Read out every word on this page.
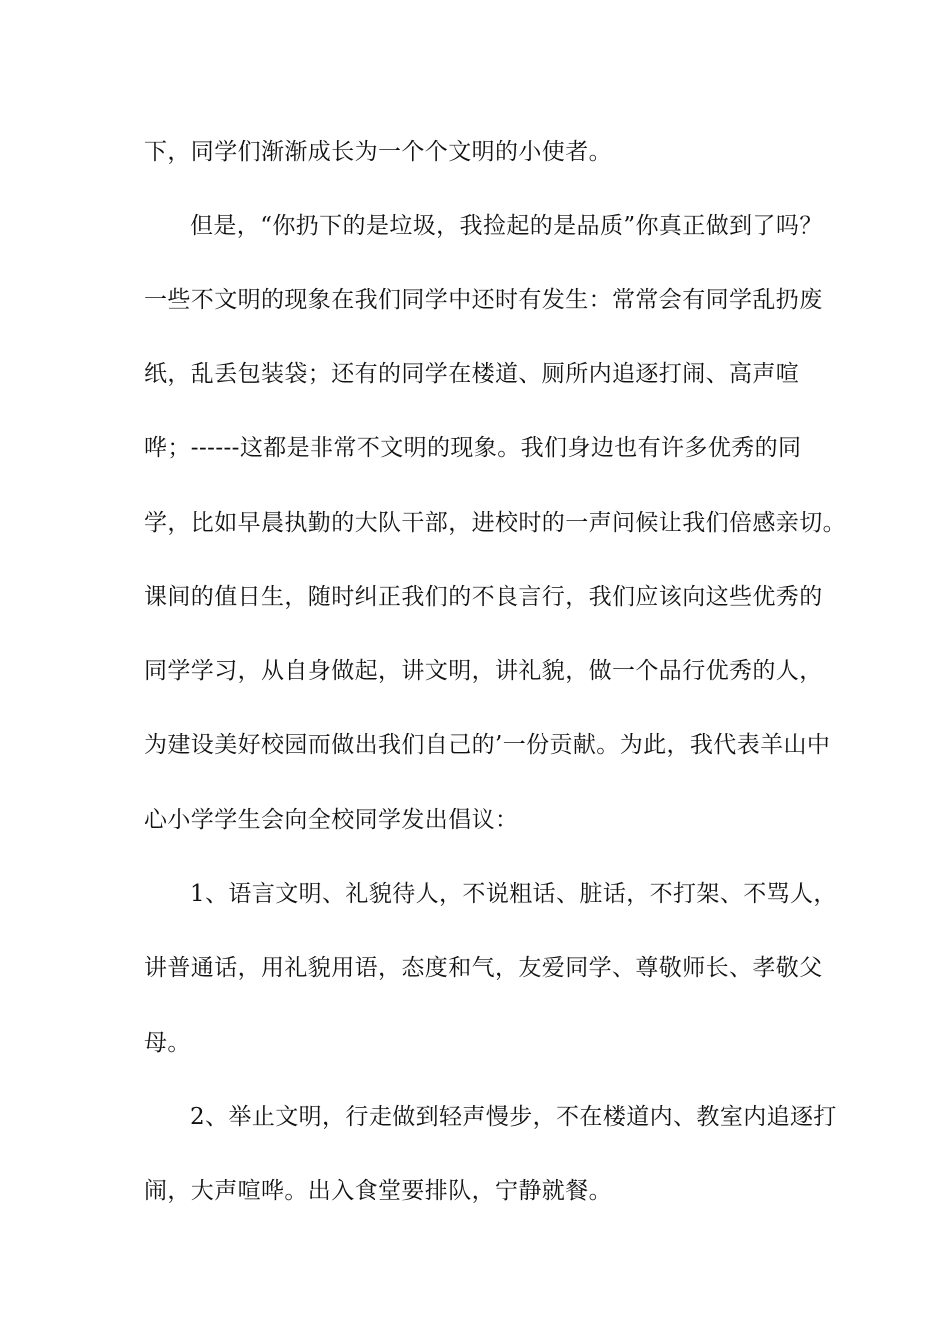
下，同学们渐渐成长为一个个文明的小使者。
但是，“你扔下的是垃圾，我捡起的是品质”你真正做到了吗？
一些不文明的现象在我们同学中还时有发生：常常会有同学乱扔废
纸，乱丢包装袋；还有的同学在楼道、厕所内追逐打闹、高声喧
哗；------这都是非常不文明的现象。我们身边也有许多优秀的同
学，比如早晨执勤的大队干部，进校时的一声问候让我们倍感亲切。
课间的值日生，随时纠正我们的不良言行，我们应该向这些优秀的
同学学习，从自身做起，讲文明，讲礼貌，做一个品行优秀的人，
为建设美好校园而做出我们自己的’一份贡献。为此，我代表羊山中
心小学学生会向全校同学发出倡议：
1、语言文明、礼貌待人，不说粗话、脏话，不打架、不骂人，
讲普通话，用礼貌用语，态度和气，友爱同学、尊敬师长、孝敬父
母。
2、举止文明，行走做到轻声慢步，不在楼道内、教室内追逐打
闹，大声喧哗。出入食堂要排队，宁静就餐。
